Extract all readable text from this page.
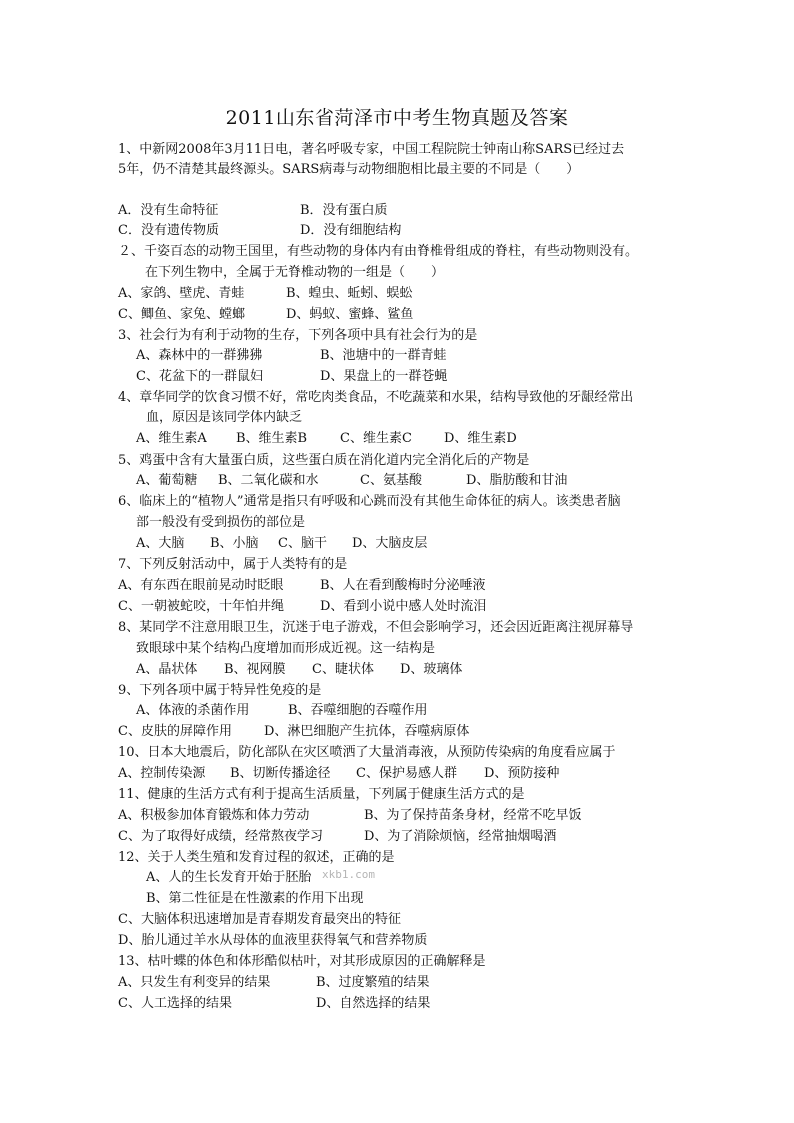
2011山东省菏泽市中考生物真题及答案
1、中新网2008年3月11日电，著名呼吸专家，中国工程院院士钟南山称SARS已经过去
5年，仍不清楚其最终源头。SARS病毒与动物细胞相比最主要的不同是（　　）
A．没有生命特征	B．没有蛋白质
C．没有遗传物质	D．没有细胞结构
２、千姿百态的动物王国里，有些动物的身体内有由脊椎骨组成的脊柱，有些动物则没有。
在下列生物中，全属于无脊椎动物的一组是（　　）
A、家鸽、壁虎、青蛙	B、蝗虫、蚯蚓、蜈蚣
C、鲫鱼、家兔、螳螂	D、蚂蚁、蜜蜂、鲨鱼
3、社会行为有利于动物的生存，下列各项中具有社会行为的是
A、森林中的一群狒狒	B、池塘中的一群青蛙
C、花盆下的一群鼠妇	D、果盘上的一群苍蝇
4、章华同学的饮食习惯不好，常吃肉类食品，不吃蔬菜和水果，结构导致他的牙龈经常出
血，原因是该同学体内缺乏
A、维生素A B、维生素B	C、维生素C D、维生素D
5、鸡蛋中含有大量蛋白质，这些蛋白质在消化道内完全消化后的产物是
A、葡萄糖 B、二氧化碳和水	C、氨基酸	D、脂肪酸和甘油
6、临床上的“植物人”通常是指只有呼吸和心跳而没有其他生命体征的病人。该类患者脑
部一般没有受到损伤的部位是
A、大脑 B、小脑 C、脑干 D、大脑皮层
7、下列反射活动中，属于人类特有的是
A、有东西在眼前晃动时眨眼	B、人在看到酸梅时分泌唾液
C、一朝被蛇咬，十年怕井绳	D、看到小说中感人处时流泪
8、某同学不注意用眼卫生，沉迷于电子游戏，不但会影响学习，还会因近距离注视屏幕导
致眼球中某个结构凸度增加而形成近视。这一结构是
A、晶状体 B、视网膜 C、睫状体 D、玻璃体
9、下列各项中属于特异性免疫的是
A、体液的杀菌作用	B、吞噬细胞的吞噬作用
C、皮肤的屏障作用 D、淋巴细胞产生抗体，吞噬病原体
10、日本大地震后，防化部队在灾区喷洒了大量消毒液，从预防传染病的角度看应属于
A、控制传染源 B、切断传播途径 C、保护易感人群 D、预防接种
11、健康的生活方式有利于提高生活质量，下列属于健康生活方式的是
A、积极参加体育锻炼和体力劳动	B、为了保持苗条身材，经常不吃早饭
C、为了取得好成绩，经常熬夜学习	D、为了消除烦恼，经常抽烟喝酒
12、关于人类生殖和发育过程的叙述，正确的是
A、人的生长发育开始于胚胎 xkb1.com
B、第二性征是在性激素的作用下出现
C、大脑体积迅速增加是青春期发育最突出的特征
D、胎儿通过羊水从母体的血液里获得氧气和营养物质
13、枯叶蝶的体色和体形酷似枯叶，对其形成原因的正确解释是
A、只发生有利变异的结果	B、过度繁殖的结果
C、人工选择的结果	D、自然选择的结果
